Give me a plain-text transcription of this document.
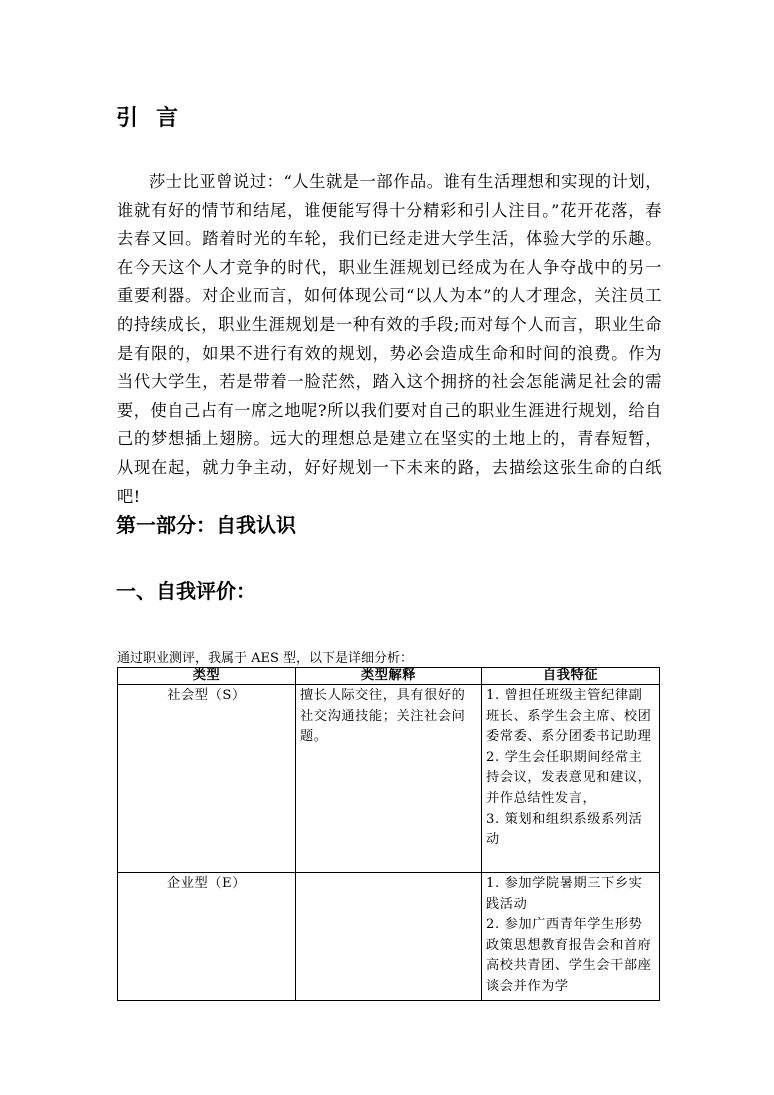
引言

莎士比亚曾说过：“人生就是一部作品。谁有生活理想和实现的计划，谁就有好的情节和结尾，谁便能写得十分精彩和引人注目。”花开花落，春去春又回。踏着时光的车轮，我们已经走进大学生活，体验大学的乐趣。在今天这个人才竞争的时代，职业生涯规划已经成为在人争夺战中的另一重要利器。对企业而言，如何体现公司“以人为本”的人才理念，关注员工的持续成长，职业生涯规划是一种有效的手段;而对每个人而言，职业生命是有限的，如果不进行有效的规划，势必会造成生命和时间的浪费。作为当代大学生，若是带着一脸茫然，踏入这个拥挤的社会怎能满足社会的需要，使自己占有一席之地呢?所以我们要对自己的职业生涯进行规划，给自己的梦想插上翅膀。远大的理想总是建立在坚实的土地上的，青春短暂，从现在起，就力争主动，好好规划一下未来的路，去描绘这张生命的白纸吧!

第一部分：自我认识
一、自我评价：

通过职业测评，我属于 AES 型，以下是详细分析：

类型	类型解释	自我特征
社会型（S）	擅长人际交往，具有很好的社交沟通技能；关注社会问题。	1. 曾担任班级主管纪律副班长、系学生会主席、校团委常委、系分团委书记助理
2. 学生会任职期间经常主持会议，发表意见和建议，并作总结性发言，
3. 策划和组织系级系列活动

企业型（E）		1. 参加学院暑期三下乡实践活动
2. 参加广西青年学生形势政策思想教育报告会和首府高校共青团、学生会干部座谈会并作为学
